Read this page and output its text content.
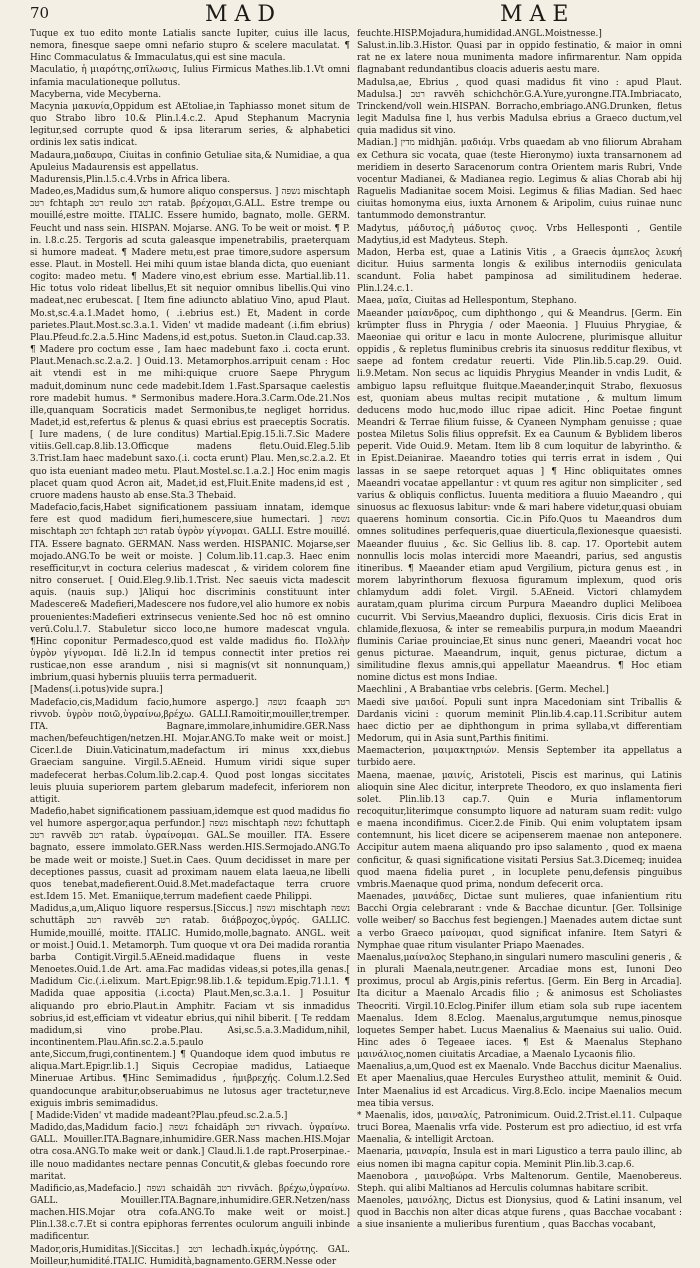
70	MAD	MAE

Tuque ex tuo edito monte Latialis sancte Iupiter, cuius ille lacus, nemora, finesque saepe omni nefario stupro & scelere maculatat. ¶ Hinc Commaculatus & Immaculatus,qui est sine macula.

Maculatio, ἡ μιαρότης,σπῖλωσις, Iulius Firmicus Mathes.lib.1.Vt omni infamia maculationeque pollutus.

Macyberna, vide Mecyberna.

Macynia μακυνία,Oppidum est AEtoliae,in Taphiasso monet situm de quo Strabo libro 10.& Plin.l.4.c.2. Apud Stephanum Macrynia legitur,sed corrupte quod & ipsa literarum series, & alphabetici ordinis lex satis indicat.

Madaura,μαδαυρα, Ciuitas in confinio Getuliae sita,& Numidiae, a qua Apuleius Madaurensis est appellatus.

Madurensis,Plin.l.5.c.4.Vrbs in Africa libera.

Madeo,es,Madidus sum,& humore aliquo conspersus. ] נשפה mischtaph רטב fchtaph רטב reulo רטב ratab. βρέχομαι,G.ALL. Estre trempe ou mouillé,estre moitte. ITALIC. Essere humido, bagnato, molle. GERM. Feucht und nass sein. HISPAN. Mojarse. ANG. To be weit or moist. ¶ P. in. l.8.c.25. Tergoris ad scuta galeasque impenetrabilis, praeterquam si humore madeat. ¶ Madere metu,est prae timore,sudore aspersum esse. Plaut. in Mostell. Hei mihi quum istae blanda dicta, quo eueniant cogito: madeo metu. ¶ Madere vino,est ebrium esse. Martial.lib.11. Hic totus volo rideat libellus,Et sit nequior omnibus libellis.Qui vino madeat,nec erubescat. [ Item fine adiuncto ablatiuo Vino, apud Plaut. Mo.st,sc.4.a.1.Madet homo, ( .i.ebrius est.) Et, Madent in corde parietes.Plaut.Most.sc.3.a.1. Viden' vt madide madeant (.i.fim ebrius) Plau.Pfeud.fc.2.a.5.Hinc Madens,id est,potus. Sueton.in Claud.cap.33. ¶ Madere pro coctum esse , Iam haec madebunt faxo .i. cocta erunt. Plaut.Menach.sc.2.a.2. ] Ouid.13. Metamorphos.arripuit cenam : Hoc ait vtendi est in me mihi:quique cruore Saepe Phrygum maduit,dominum nunc cede madebit.Idem 1.Fast.Sparsaque caelestis rore madebit humus. * Sermonibus madere.Hora.3.Carm.Ode.21.Nos ille,quanquam Socraticis madet Sermonibus,te negliget horridus. Madet,id est,refertus & plenus & quasi ebrius est praeceptis Socratis. [ Iure madens, ( de lure conditus) Martial.Epig.15.li.7.Sic Madere vitiis.Gell.cap.8.lib.13.Officque madens fletu.Ouid.Eleg.5.lib 3.Trist.Iam haec madebunt saxo.(.i. cocta erunt) Plau. Men,sc.2.a.2. Et quo ista eueniant madeo metu. Plaut.Mostel.sc.1.a.2.] Hoc enim magis placet quam quod Acron ait, Madet,id est,Fluit.Enite madens,id est , cruore madens hausto ab ense.Sta.3 Thebaid.

Madefacio,facis,Habet significationem passiuam innatam, idemque fere est quod madidum fieri,humescere,siue humectari. ] נשפה mischtaph רטב fchtaph רטב ratab ὑγρὸν γίγνομαι. GALLI. Estre mouillé. ITA. Essere bagnato. GERMAN. Nass werden. HISPANIC. Mojarse,ser mojado.ANG.To be weit or moiste. ] Colum.lib.11.cap.3. Haec enim resefficitur,vt in coctura celerius madescat , & viridem colorem fine nitro conseruet. [ Ouid.Eleg.9.lib.1.Trist. Nec saeuis victa madescit aquis. (nauis sup.) ]Aliqui hoc discriminis constituunt inter Madescere& Madefieri,Madescere nos fudore,vel alio humore ex nobis prouenientes:Madefieri extrinsecus veniente.Sed hoc nō est omnino verū.Colu.l.7. Stabuletur sicco loco,ne humore madescat vngula. ¶Hinc coponitur Permadesco,quod est valde madidus fio. Πολλὴν ὑγρὸν γίγνομαι. Idē li.2.In id tempus connectit inter pretios rei rusticae,non esse arandum , nisi si magnis(vt sit nonnunquam,) imbrium,quasi hybernis pluuiis terra permaduerit.

[Madens(.i.potus)vide supra.]

Madefacio,cis,Madidum facio,humore aspergo.] נשפה fcaaph רטב rivvob. ὑγρὸν ποιῶ,ὑγραίνω,βρέχω. GALLI.Ramoitir,mouiller,tremper. ITA. Bagnare,immolare,inhumidire.GER.Nass machen/befeuchtigen/netzen.HI. Mojar.ANG.To make weit or moist.] Cicer.l.de Diuin.Vaticinatum,madefactum iri minus xxx,diebus Graeciam sanguine. Virgil.5.AEneid. Humum viridi sique super madefecerat herbas.Colum.lib.2.cap.4. Quod post longas siccitates leuis pluuia superiorem partem glebarum madefecit, inferiorem non attigit.

Madefio,habet significationem passiuam,idemque est quod madidus fio vel humore aspergor,aqua perfundor.] נשפה mischtaph נשפה fchuttaph רטב ravvēb רטב ratab. ὑγραίνομαι. GAL.Se mouiller. ITA. Essere bagnato, essere immolato.GER.Nass werden.HIS.Sermojado.ANG.To be made weit or moiste.] Suet.in Caes. Quum decidisset in mare per deceptiones passus, cuasit ad proximam nauem elata laeua,ne libelli quos tenebat,madefierent.Ouid.8.Met.madefactaque terra cruore est.Idem 15. Met. Emaniique,terrum madefient caede Philippi.

Madidus,a,um,Aliquo liquore respersus.[Siccus.] נשפה mischtaph נשפה schuttāph רטב ravvēb רטב ratab. διάβροχος,ὑγρός. GALLIC. Humide,mouillé, moitte. ITALIC. Humido,molle,bagnato. ANGL. weit or moist.] Ouid.1. Metamorph. Tum quoque vt ora Dei madida rorantia barba Contigit.Virgil.5.AEneid.madidaque fluens in veste Menoetes.Ouid.1.de Art. ama.Fac madidas videas,si potes,illa genas.[ Madidum Cic.(.i.elixum. Mart.Epigr.98.lib.1.& tepidum.Epig.71.l.1. ¶ Madida quae appositia (.i.cocta) Plaut.Men,sc.3.a.1. ] Posuitur aliquando pro ebrio.Plaut.in Amphitr. Faciam vt sis inmadidus sobrius,id est,efficiam vt videatur ebrius,qui nihil biberit. [ Te reddam madidum,si vino probe.Plau. Asi,sc.5.a.3.Madidum,nihil, incontinentem.Plau.Afin.sc.2.a.5.paulo ante,Siccum,frugi,continentem.] ¶ Quandoque idem quod imbutus re aliqua.Mart.Epigr.lib.1.] Siquis Cecropiae madidus, Latiaeque Mineruae Artibus. ¶Hinc Semimadidus , ἡμιβρεχής. Colum.l.2.Sed quandocunque arabitur,obseruabimus ne lutosus ager tractetur,neve exiguis imbris semimadidus.

[ Madide:Viden' vt madide madeant?Plau.pfeud.sc.2.a.5.]

Madido,das,Madidum facio.] נשפה fchaidāph רטב rivvach. ὑγραίνω. GALL. Mouiller.ITA.Bagnare,inhumidire.GER.Nass machen.HIS.Mojar otra cosa.ANG.To make weit or dank.] Claud.li.1.de rapt.Proserpinae.-ille nouo madidantes nectare pennas Concutit,& glebas foecundo rore maritat.

Madificio,as,Madefacio.] נשפה schaidāh רטב rivvāch. βρέχω,ὑγραίνω. GALL. Mouiller.ITA.Bagnare,inhumidire.GER.Netzen/nass machen.HIS.Mojar otra cofa.ANG.To make weit or moist.] Plin.l.38.c.7.Et si contra epiphoras ferrentes oculorum anguili inbinde madificentur.

Mador,oris,Humiditas.](Siccitas.] רטב lechadh.ἰκμάς,ὑγρότης. GAL. Moilleur,humidité.ITALIC. Humidità,bagnamento.GERM.Nesse oder

feuchte.HISP.Mojadura,humididad.ANGL.Moistnesse.] Salust.in.lib.3.Histor. Quasi par in oppido festinatio, & maior in omni rat ne ex latere noua munimenta madore infirmarentur. Nam oppida flagnabant redundantibus cloacis adueris aestu mare.

Madulsa,ae, Ebrius , quod quasi madidus fit vino : apud Plaut. Madulsa.] רטב ravvēh schichchōr.G.A.Yure,yurongne.ITA.Imbriacato, Trinckend/voll wein.HISPAN. Borracho,embriago.ANG.Drunken, fletus legit Madulsa fine l, hus verbis Madulsa ebrius a Graeco ductum,vel quia madidus sit vino.

Madian.] מדין midhjān. μαδιάμ. Vrbs quaedam ab vno filiorum Abraham ex Cethura sic vocata, quae (teste Hieronymo) iuxta transarnonem ad meridiem in deserto Saracenorum contra Orientem maris Rubri, Vnde vocentur Madianei, & Madianea regio. Legimus & alias Chorab abi hij Raguelis Madianitae socem Moisi. Legimus & filias Madian. Sed haec ciuitas homonyma eius, iuxta Arnonem & Aripolim, cuius ruinae nunc tantummodo demonstrantur.

Madytus, μάδυτος,ἡ μάδυτος ςινος. Vrbs Hellesponti , Gentile Madytius,id est Madyteus. Steph.

Madon, Herba est, quae a Latinis Vitis , a Graecis ἀμπελος λευκή dicitur. Huius sarmenta longis & exilibus internodiis geniculata scandunt. Folia habet pampinosa ad similitudinem hederae. Plin.l.24.c.1.

Maea, μαῖα, Ciuitas ad Hellespontum, Stephano.

Maeander μαίανδρος, cum diphthongo , qui & Meandrus. [Germ. Ein krümpter fluss in Phrygia / oder Maeonia. ] Fluuius Phrygiae, & Maeoniae qui oritur e lacu in monte Aulocrene, plurimisque alluitur oppidis , & repletus fluminibus crebris ita sinuosus redditur flexibus, vt saepe ad fontem credatur reuerti. Vide Plin.lib.5.cap.29. Ouid. li.9.Metam. Non secus ac liquidis Phrygius Meander in vndis Ludit, & ambiguo lapsu refluitque fluitque.Maeander,inquit Strabo, flexuosus est, quoniam abeus multas recipit mutatione , & multum limum deducens modo huc,modo illuc ripae adicit. Hinc Poetae fingunt Meandri & Terrae filium fuisse, & Cyaneen Nympham genuisse ; quae postea Miletus Solis filius opprefsit. Ex ea Caunum & Byblidem liberos peperit. Vide Ouid.9. Metam. Item lib 8 cum loquitur de labyrintho. & in Epist.Deianirae. Maeandro toties qui terris errat in isdem , Qui lassas in se saepe retorquet aquas ] ¶ Hinc obliquitates omnes Maeandri vocatae appellantur : vt quum res agitur non simpliciter , sed varius & obliquis conflictus. Iuuenta meditiora a fluuio Maeandro , qui sinuosus ac flexuosus labitur: vnde & mari habere videtur,quasi obuiam quaerens hominum consortia. Cic.in Pifo.Quos tu Maeandros dum omnes solitudines perfequeris,quae diuerticula,flexionesque quaesisti. Maeander fluuius , &c. Sic Gellius lib. 8. cap. 17. Oportebit autem nonnullis locis molas intercidi more Maeandri, parius, sed angustis itineribus. ¶ Maeander etiam apud Vergilium, pictura genus est , in morem labyrinthorum flexuosa figuramum implexum, quod oris chlamydum addi folet. Virgil. 5.AEneid. Victori chlamydem auratam,quam plurima circum Purpura Maeandro duplici Meliboea cucurrit. Vbi Servius,Maeandro duplici, flexuosis. Ciris dicis Erat in chlamide,flexuosa, & inter se remeabilis purpura,in modum Maeandri fluminis Cariae prouinciae,Et sinus nunc generi, Maeandri vocat hoc genus picturae. Maeandrum, inquit, genus picturae, dictum a similitudine flexus amnis,qui appellatur Maeandrus. ¶ Hoc etiam nomine dictus est mons Indiae.

Maechlini , A Brabantiae vrbs celebris. [Germ. Mechel.]

Maedi sive μαιδοί. Populi sunt inpra Macedoniam sint Triballis & Dardanis vicini : quorum meminit Plin.lib.4.cap.11.Scribitur autem haec dictio per ae diphthongum in prima syllaba,vt differentiam Medorum, qui in Asia sunt,Parthis finitimi.

Maemacterion, μαιμακτηριών. Mensis September ita appellatus a turbido aere.

Maena, maenae, μαινίς, Aristoteli, Piscis est marinus, qui Latinis alioquin sine Alec dicitur, interprete Theodoro, ex quo inslamenta fieri solet. Plin.lib.13 cap.7. Quin e Muria inflamentorum recoquitur,literimque consumpto liquore ad naturam suam redit: vulgo e maena incondifimus. Cicer.2.de Finib. Qui enim voluptatem ipsam contemnunt, his licet dicere se acipenserem maenae non anteponere. Accipitur autem maena aliquando pro ipso salamento , quod ex maena conficitur, & quasi significatione visitati Persius Sat.3.Dicemeq; inuidea quod maena fidelia puret , in locuplete penu,defensis pinguibus vmbris.Maenaque quod prima, nondum defecerit orca.

Maenades, μαινάδες, Dictae sunt mulieres, quae infanientium ritu Bacchi Orgia celebrarant : vnde & Bacchae dicuntur. [Ger. Tollsinige volle weiber/ so Bacchus fest begiengen.] Maenades autem dictae sunt a verbo Graeco μαίνομαι, quod significat infanire. Item Satyri & Nymphae quae ritum visulanter Priapo Maenades.

Maenalus,μαίναλος Stephano,in singulari numero masculini generis , & in plurali Maenala,neutr.gener. Arcadiae mons est, Iunoni Deo proximus, procul ab Argis,pinis refertus. [Germ. Ein Berg in Arcadia]. Ita dicitur a Maenalo Arcadis filio ; & animosus est Scholiastes Theocriti. Virgil.10.Eclog.Pinifer illum etiam sola sub rupe iacentem Maenalus. Idem 8.Eclog. Maenalus,argutumque nemus,pinosque loquetes Semper habet. Lucus Maenalius & Maenaius sui ualio. Ouid. Hinc ades ō Tegeaee iaces. ¶ Est & Maenalus Stephano μαινάλιος,nomen ciuitatis Arcadiae, a Maenalo Lycaonis filio.

Maenalius,a,um,Quod est ex Maenalo. Vnde Bacchus dicitur Maenalius. Et aper Maenalius,quae Hercules Eurystheo attulit, meminit & Ouid. Inter Maenalius id est Arcadicus. Virg.8.Eclo. incipe Maenalios mecum mea tibia versus.

* Maenalis, idos, μαιναλίς, Patronimicum. Ouid.2.Trist.el.11. Culpaque truci Borea, Maenalis vrfa vide. Posterum est pro adiectiuo, id est vrfa Maenalia, & intelligit Arctoan.

Maenaria, μαιναρία, Insula est in mari Ligustico a terra paulo illinc, ab eius nomen ibi magna capitur copia. Meminit Plin.lib.3.cap.6.

Maenobora , μαινοβώρα. Vrbs Maltenorum. Gentile, Maenobereus. Steph. qui alibi Maltianos ad Herculis columnas habitare scribit.

Maenoles, μαινόλης, Dictus est Dionysius, quod & Latini insanum, vel quod in Bacchis non alter dicas atque furens , quas Bacchae vocabant : a siue insaniente a mulieribus furentium , quas Bacchas vocabant,
